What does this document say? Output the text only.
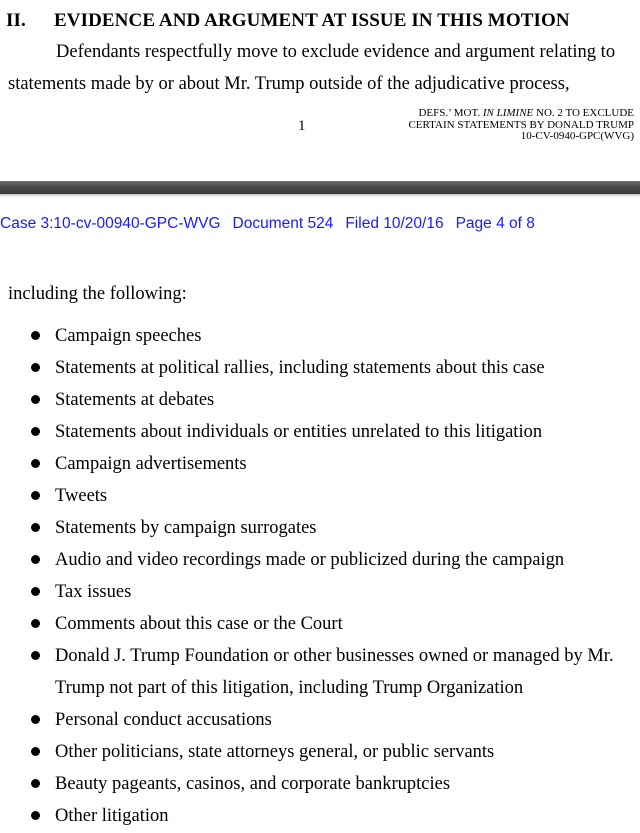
II. EVIDENCE AND ARGUMENT AT ISSUE IN THIS MOTION
Defendants respectfully move to exclude evidence and argument relating to
statements made by or about Mr. Trump outside of the adjudicative process,
1
DEFS.’ MOT. IN LIMINE NO. 2 TO EXCLUDE
CERTAIN STATEMENTS BY DONALD TRUMP
10-CV-0940-GPC(WVG)
Case 3:10-cv-00940-GPC-WVG Document 524 Filed 10/20/16 Page 4 of 8
including the following:
Campaign speeches
Statements at political rallies, including statements about this case
Statements at debates
Statements about individuals or entities unrelated to this litigation
Campaign advertisements
Tweets
Statements by campaign surrogates
Audio and video recordings made or publicized during the campaign
Tax issues
Comments about this case or the Court
Donald J. Trump Foundation or other businesses owned or managed by Mr.
Trump not part of this litigation, including Trump Organization
Personal conduct accusations
Other politicians, state attorneys general, or public servants
Beauty pageants, casinos, and corporate bankruptcies
Other litigation
